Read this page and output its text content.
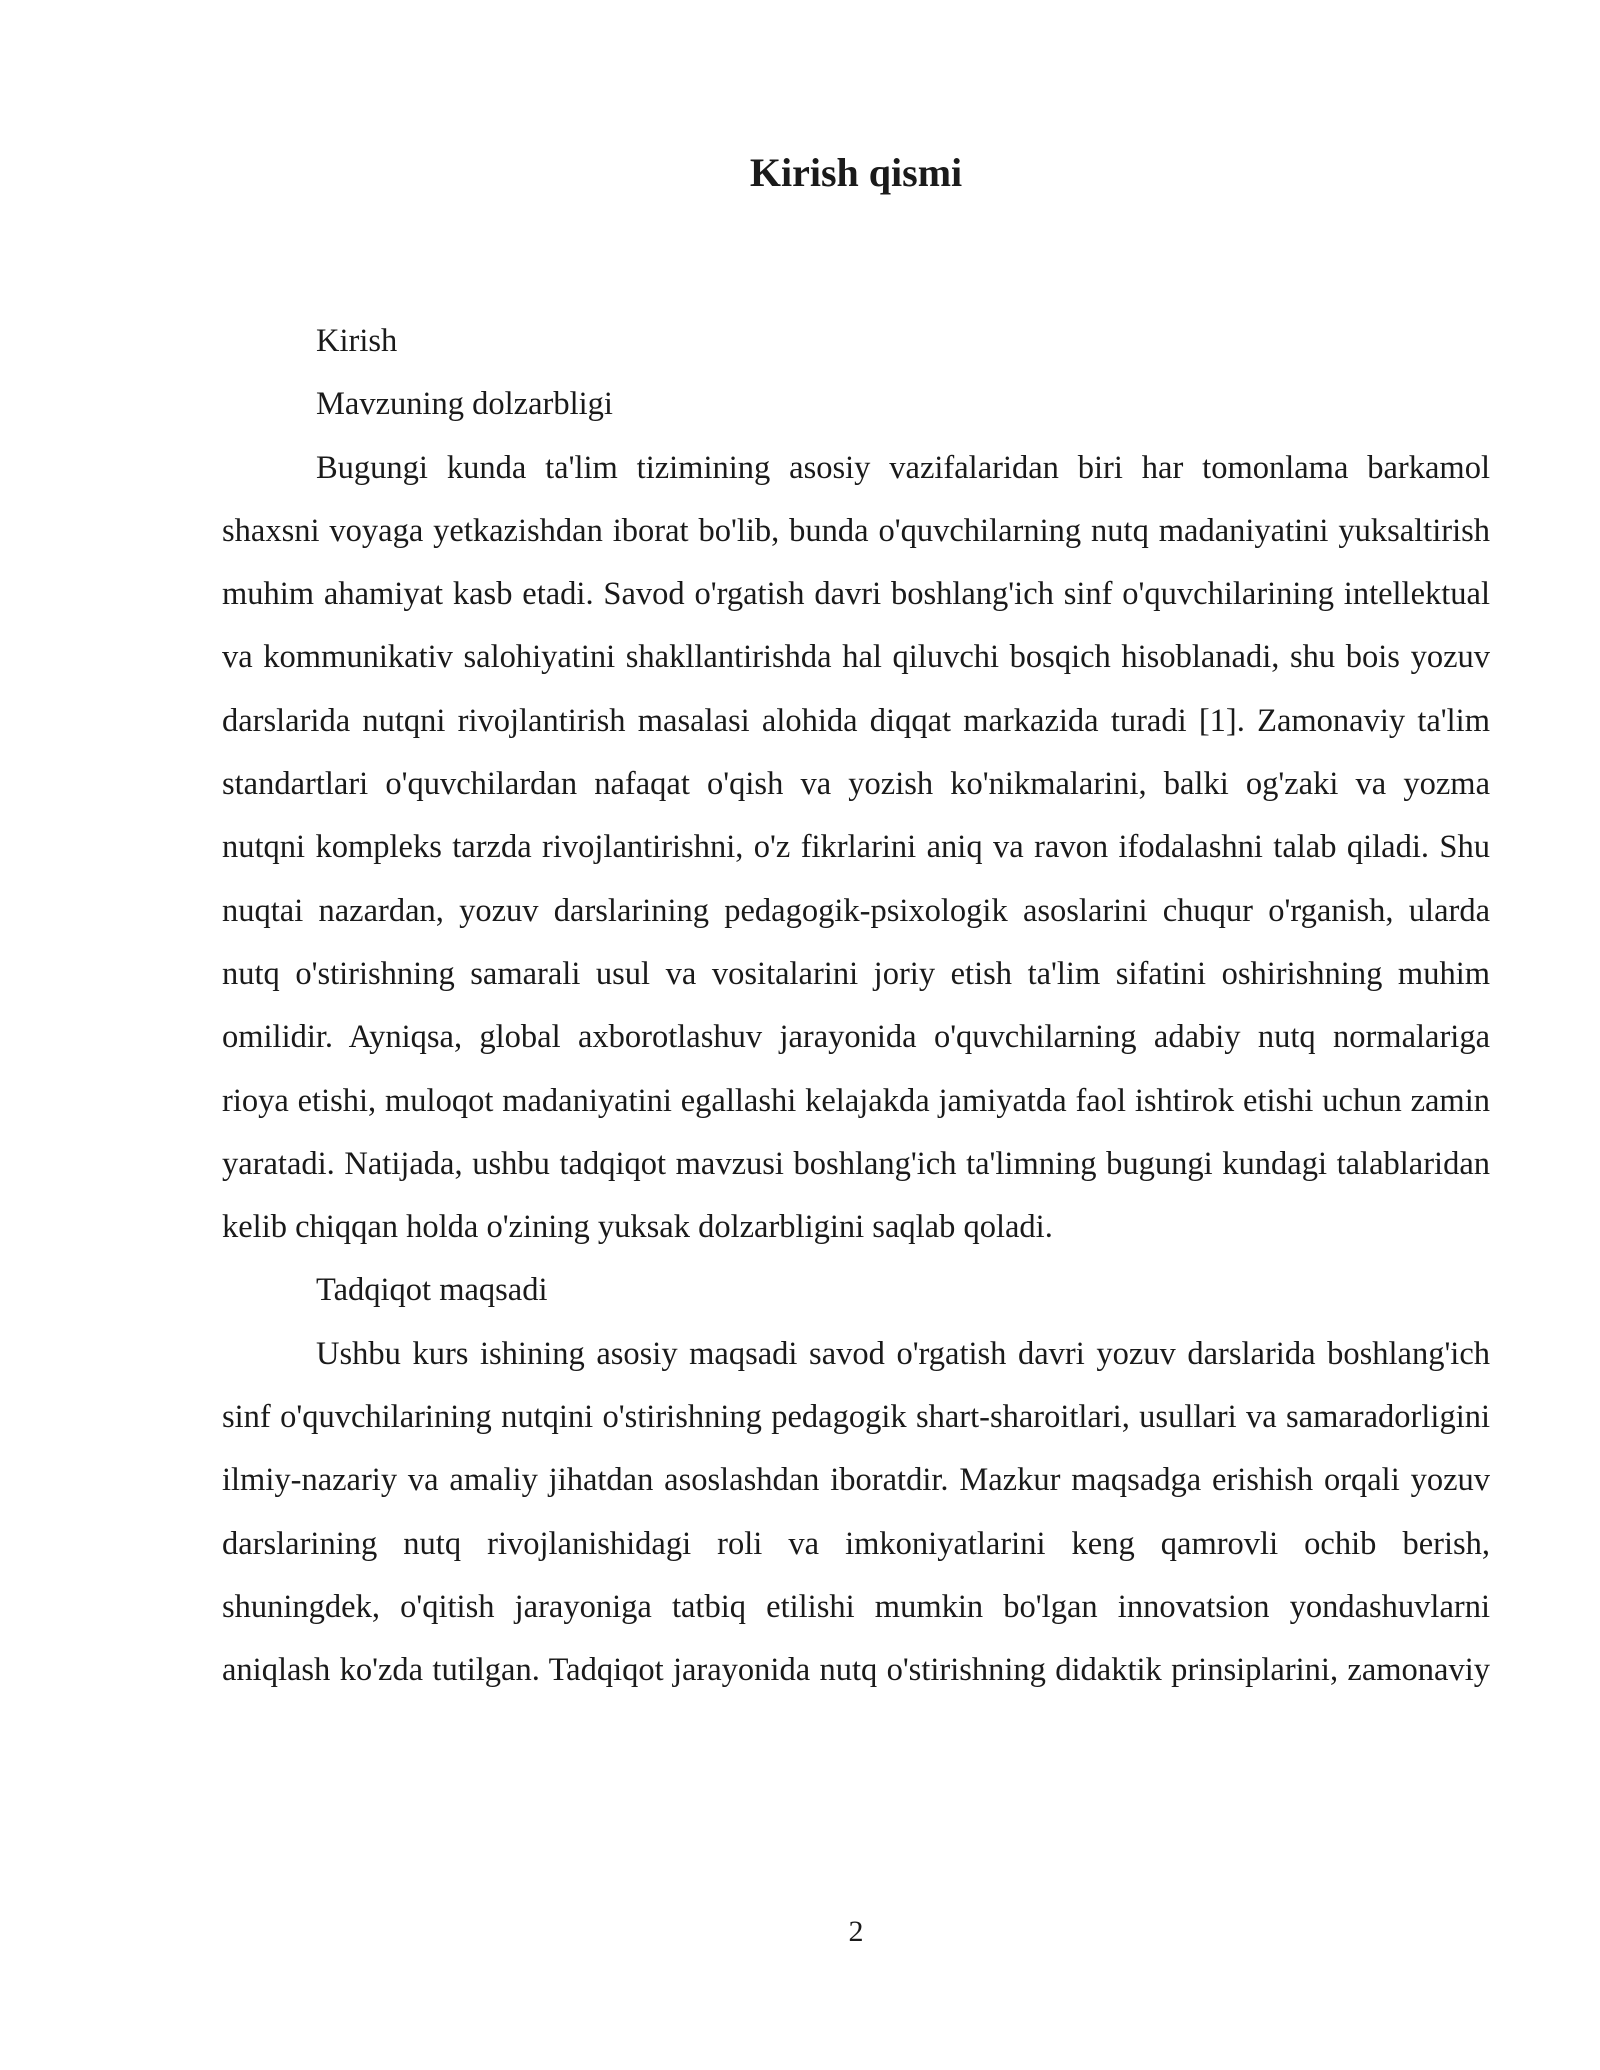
Kirish qismi

Kirish

Mavzuning dolzarbligi

Bugungi kunda ta'lim tizimining asosiy vazifalaridan biri har tomonlama barkamol shaxsni voyaga yetkazishdan iborat bo'lib, bunda o'quvchilarning nutq madaniyatini yuksaltirish muhim ahamiyat kasb etadi. Savod o'rgatish davri boshlang'ich sinf o'quvchilarining intellektual va kommunikativ salohiyatini shakllantirishda hal qiluvchi bosqich hisoblanadi, shu bois yozuv darslarida nutqni rivojlantirish masalasi alohida diqqat markazida turadi [1]. Zamonaviy ta'lim standartlari o'quvchilardan nafaqat o'qish va yozish ko'nikmalarini, balki og'zaki va yozma nutqni kompleks tarzda rivojlantirishni, o'z fikrlarini aniq va ravon ifodalashni talab qiladi. Shu nuqtai nazardan, yozuv darslarining pedagogik-psixologik asoslarini chuqur o'rganish, ularda nutq o'stirishning samarali usul va vositalarini joriy etish ta'lim sifatini oshirishning muhim omilidir. Ayniqsa, global axborotlashuv jarayonida o'quvchilarning adabiy nutq normalariga rioya etishi, muloqot madaniyatini egallashi kelajakda jamiyatda faol ishtirok etishi uchun zamin yaratadi. Natijada, ushbu tadqiqot mavzusi boshlang'ich ta'limning bugungi kundagi talablaridan kelib chiqqan holda o'zining yuksak dolzarbligini saqlab qoladi.

Tadqiqot maqsadi

Ushbu kurs ishining asosiy maqsadi savod o'rgatish davri yozuv darslarida boshlang'ich sinf o'quvchilarining nutqini o'stirishning pedagogik shart-sharoitlari, usullari va samaradorligini ilmiy-nazariy va amaliy jihatdan asoslashdan iboratdir. Mazkur maqsadga erishish orqali yozuv darslarining nutq rivojlanishidagi roli va imkoniyatlarini keng qamrovli ochib berish, shuningdek, o'qitish jarayoniga tatbiq etilishi mumkin bo'lgan innovatsion yondashuvlarni aniqlash ko'zda tutilgan. Tadqiqot jarayonida nutq o'stirishning didaktik prinsiplarini, zamonaviy

2
